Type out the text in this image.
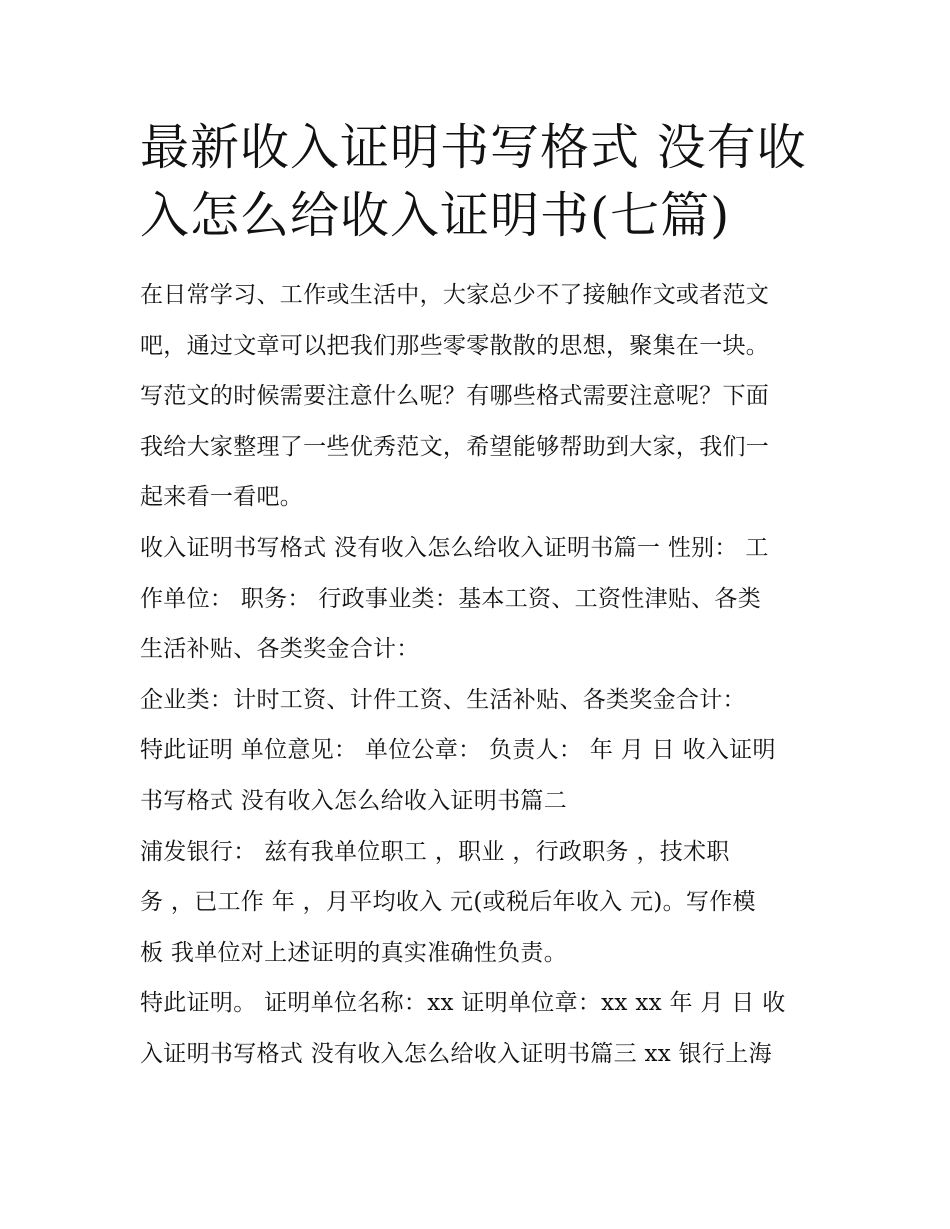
最新收入证明书写格式 没有收
入怎么给收入证明书(七篇)

在日常学习、工作或生活中，大家总少不了接触作文或者范文
吧，通过文章可以把我们那些零零散散的思想，聚集在一块。
写范文的时候需要注意什么呢？有哪些格式需要注意呢？下面
我给大家整理了一些优秀范文，希望能够帮助到大家，我们一
起来看一看吧。

收入证明书写格式 没有收入怎么给收入证明书篇一 性别： 工
作单位： 职务： 行政事业类：基本工资、工资性津贴、各类
生活补贴、各类奖金合计：

企业类：计时工资、计件工资、生活补贴、各类奖金合计：
特此证明 单位意见： 单位公章： 负责人： 年 月 日 收入证明
书写格式 没有收入怎么给收入证明书篇二

浦发银行： 兹有我单位职工 ，职业 ，行政职务 ，技术职
务 ，已工作 年 ，月平均收入 元(或税后年收入 元)。写作模
板 我单位对上述证明的真实准确性负责。

特此证明。 证明单位名称：xx 证明单位章：xx xx 年 月 日 收
入证明书写格式 没有收入怎么给收入证明书篇三 xx 银行上海
